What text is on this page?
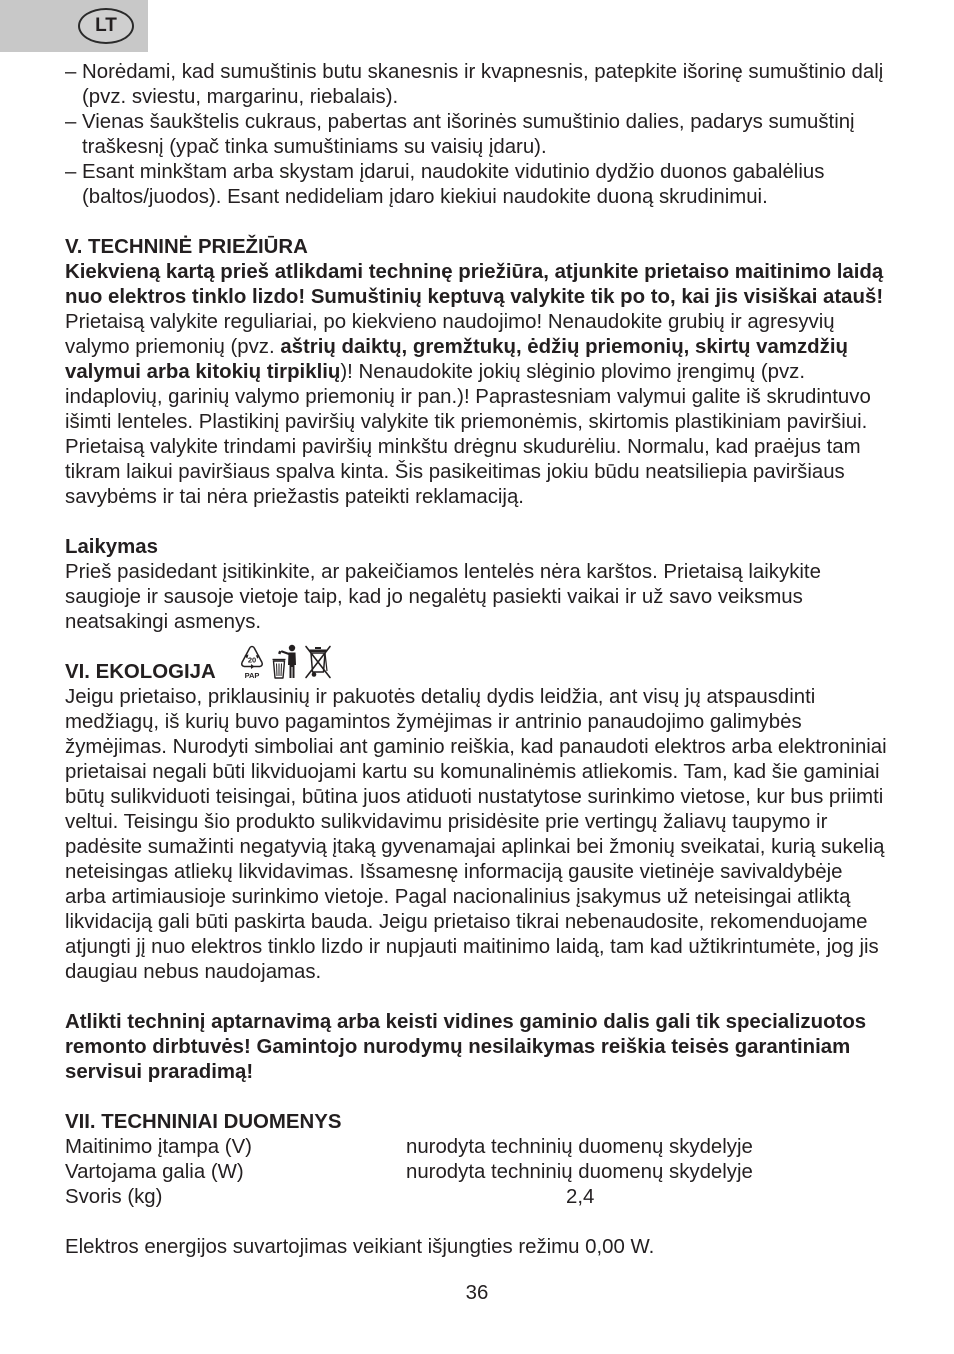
LT
– Norėdami, kad sumuštinis butu skanesnis ir kvapnesnis, patepkite išorinę sumuštinio dalį
(pvz. sviestu, margarinu, riebalais).
– Vienas šaukštelis cukraus, pabertas ant išorinės sumuštinio dalies, padarys sumuštinį
traškesnį (ypač tinka sumuštiniams su vaisių įdaru).
– Esant minkštam arba skystam įdarui, naudokite vidutinio dydžio duonos gabalėlius
(baltos/juodos). Esant nedideliam įdaro kiekiui naudokite duoną skrudinimui.
V. TECHNINĖ PRIEŽIŪRA
Kiekvieną kartą prieš atlikdami techninę priežiūra, atjunkite prietaiso maitinimo laidą
nuo elektros tinklo lizdo! Sumuštinių keptuvą valykite tik po to, kai jis visiškai atauš!
Prietaisą valykite reguliariai, po kiekvieno naudojimo! Nenaudokite grubių ir agresyvių
valymo priemonių (pvz. aštrių daiktų, gremžtukų, ėdžių priemonių, skirtų vamzdžių
valymui arba kitokių tirpiklių)! Nenaudokite jokių slėginio plovimo įrengimų (pvz.
indaplovių, garinių valymo priemonių ir pan.)! Paprastesniam valymui galite iš skrudintuvo
išimti lenteles. Plastikinį paviršių valykite tik priemonėmis, skirtomis plastikiniam paviršiui.
Prietaisą valykite trindami paviršių minkštu drėgnu skudurėliu. Normalu, kad praėjus tam
tikram laikui paviršiaus spalva kinta. Šis pasikeitimas jokiu būdu neatsiliepia paviršiaus
savybėms ir tai nėra priežastis pateikti reklamaciją.
Laikymas
Prieš pasidedant įsitikinkite, ar pakeičiamos lentelės nėra karštos. Prietaisą laikykite
saugioje ir sausoje vietoje taip, kad jo negalėtų pasiekti vaikai ir už savo veiksmus
neatsakingi asmenys.
VI. EKOLOGIJA
Jeigu prietaiso, priklausinių ir pakuotės detalių dydis leidžia, ant visų jų atspausdinti
medžiagų, iš kurių buvo pagamintos žymėjimas ir antrinio panaudojimo galimybės
žymėjimas. Nurodyti simboliai ant gaminio reiškia, kad panaudoti elektros arba elektroniniai
prietaisai negali būti likviduojami kartu su komunalinėmis atliekomis. Tam, kad šie gaminiai
būtų sulikviduoti teisingai, būtina juos atiduoti nustatytose surinkimo vietose, kur bus priimti
veltui. Teisingu šio produkto sulikvidavimu prisidėsite prie vertingų žaliavų taupymo ir
padėsite sumažinti negatyvią įtaką gyvenamajai aplinkai bei žmonių sveikatai, kurią sukelią
neteisingas atliekų likvidavimas. Išsamesnę informaciją gausite vietinėje savivaldybėje
arba artimiausioje surinkimo vietoje. Pagal nacionalinius įsakymus už neteisingai atliktą
likvidaciją gali būti paskirta bauda. Jeigu prietaiso tikrai nebenaudosite, rekomenduojame
atjungti jį nuo elektros tinklo lizdo ir nupjauti maitinimo laidą, tam kad užtikrintumėte, jog jis
daugiau nebus naudojamas.
Atlikti techninį aptarnavimą arba keisti vidines gaminio dalis gali tik specializuotos
remonto dirbtuvės! Gamintojo nurodymų nesilaikymas reiškia teisės garantiniam
servisui praradimą!
VII. TECHNINIAI DUOMENYS
Maitinimo įtampa (V)	nurodyta techninių duomenų skydelyje
Vartojama galia (W)	nurodyta techninių duomenų skydelyje
Svoris (kg)	2,4
Elektros energijos suvartojimas veikiant išjungties režimu 0,00 W.
20
PAP
36
